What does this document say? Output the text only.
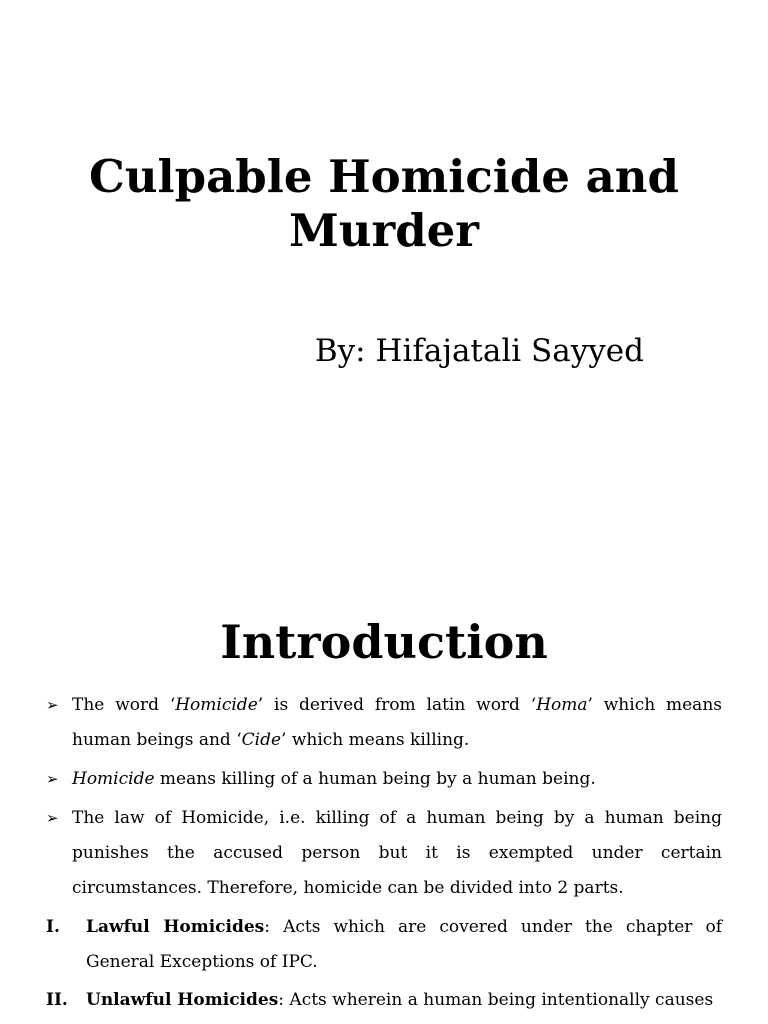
Culpable Homicide and Murder

By: Hifajatali Sayyed

Introduction
➢ The word ‘Homicide’ is derived from latin word ‘Homa’ which means human beings and ‘Cide’ which means killing.
➢ Homicide means killing of a human being by a human being.
➢ The law of Homicide, i.e. killing of a human being by a human being punishes the accused person but it is exempted under certain circumstances. Therefore, homicide can be divided into 2 parts.
I.	Lawful Homicides: Acts which are covered under the chapter of General Exceptions of IPC.
II.	Unlawful Homicides: Acts wherein a human being intentionally causes
